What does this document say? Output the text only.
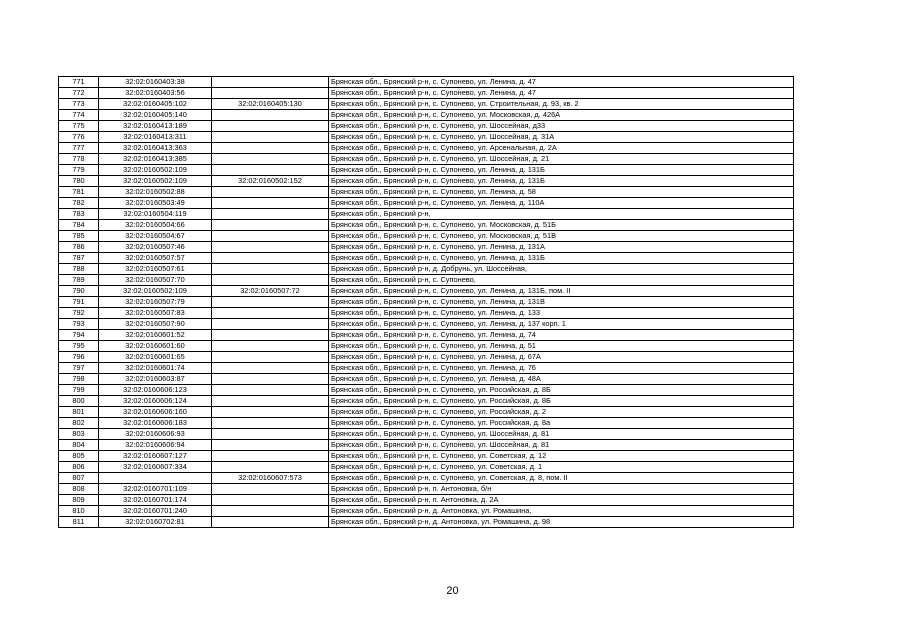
771	32:02:0160403:38		Брянская обл., Брянский р-н, с. Супонево, ул. Ленина, д. 47
772	32:02:0160403:56		Брянская обл., Брянский р-н, с. Супонево, ул. Ленина, д. 47
773	32:02:0160405:102	32:02:0160405:130	Брянская обл., Брянский р-н, с. Супонево, ул. Строительная, д. 93, кв. 2
774	32:02:0160405:140		Брянская обл., Брянский р-н, с. Супонево, ул. Московская, д. 426А
775	32:02:0160413:189		Брянская обл., Брянский р-н, с. Супонево, ул. Шоссейная, д33
776	32:02:0160413:311		Брянская обл., Брянский р-н, с. Супонево, ул. Шоссейная, д. 31А
777	32:02:0160413:363		Брянская обл., Брянский р-н, с. Супонево, ул. Арсенальная, д. 2А
778	32:02:0160413:385		Брянская обл., Брянский р-н, с. Супонево, ул. Шоссейная, д. 21
779	32:02:0160502:109		Брянская обл., Брянский р-н, с. Супонево, ул. Ленина, д. 131Б
780	32:02:0160502:109	32:02:0160502:152	Брянская обл., Брянский р-н, с. Супонево, ул. Ленина, д. 131Б
781	32:02:0160502:88		Брянская обл., Брянский р-н, с. Супонево, ул. Ленина, д. 58
782	32:02:0160503:49		Брянская обл., Брянский р-н, с. Супонево, ул. Ленина, д. 110А
783	32:02:0160504:119		Брянская обл., Брянский р-н,
784	32:02:0160504:66		Брянская обл., Брянский р-н, с. Супонево, ул. Московская, д. 51Б
785	32:02:0160504:67		Брянская обл., Брянский р-н, с. Супонево, ул. Московская, д. 51В
786	32:02:0160507:46		Брянская обл., Брянский р-н, с. Супонево, ул. Ленина, д. 131А
787	32:02:0160507:57		Брянская обл., Брянский р-н, с. Супонево, ул. Ленина, д. 131Б
788	32:02:0160507:61		Брянская обл., Брянский р-н, д. Добрунь, ул. Шоссейная,
789	32:02:0160507:70		Брянская обл., Брянский р-н, с. Супонево,
790	32:02:0160502:109	32:02:0160507:72	Брянская обл., Брянский р-н, с. Супонево, ул. Ленина, д. 131Б, пом. II
791	32:02:0160507:79		Брянская обл., Брянский р-н, с. Супонево, ул. Ленина, д. 131В
792	32:02:0160507:83		Брянская обл., Брянский р-н, с. Супонево, ул. Ленина, д. 133
793	32:02:0160507:90		Брянская обл., Брянский р-н, с. Супонево, ул. Ленина, д. 137 корп. 1
794	32:02:0160601:52		Брянская обл., Брянский р-н, с. Супонево, ул. Ленина, д. 74
795	32:02:0160601:60		Брянская обл., Брянский р-н, с. Супонево, ул. Ленина, д. 51
796	32:02:0160601:65		Брянская обл., Брянский р-н, с. Супонево, ул. Ленина, д. 67А
797	32:02:0160601:74		Брянская обл., Брянский р-н, с. Супонево, ул. Ленина, д. 76
798	32:02:0160603:87		Брянская обл., Брянский р-н, с. Супонево, ул. Ленина, д. 48А
799	32:02:0160606:123		Брянская обл., Брянский р-н, с. Супонево, ул. Российская, д. 8Б
800	32:02:0160606:124		Брянская обл., Брянский р-н, с. Супонево, ул. Российская, д. 8Б
801	32:02:0160606:160		Брянская обл., Брянский р-н, с. Супонево, ул. Российская, д. 2
802	32:02:0160606:183		Брянская обл., Брянский р-н, с. Супонево, ул. Российская, д. 8а
803	32:02:0160606:93		Брянская обл., Брянский р-н, с. Супонево, ул. Шоссейная, д. 81
804	32:02:0160606:94		Брянская обл., Брянский р-н, с. Супонево, ул. Шоссейная, д. 81
805	32:02:0160607:127		Брянская обл., Брянский р-н, с. Супонево, ул. Советская, д. 12
806	32:02:0160607:334		Брянская обл., Брянский р-н, с. Супонево, ул. Советская, д. 1
807		32:02:0160607:573	Брянская обл., Брянский р-н, с. Супонево, ул. Советская, д. 8, пом. II
808	32:02:0160701:109		Брянская обл., Брянский р-н, п. Антоновка, б/н
809	32:02:0160701:174		Брянская обл., Брянский р-н, п. Антоновка, д. 2А
810	32:02:0160701:240		Брянская обл., Брянский р-н, д. Антоновка, ул. Ромашина,
811	32:02:0160702:81		Брянская обл., Брянский р-н, д. Антоновка, ул. Ромашина, д. 98
20
